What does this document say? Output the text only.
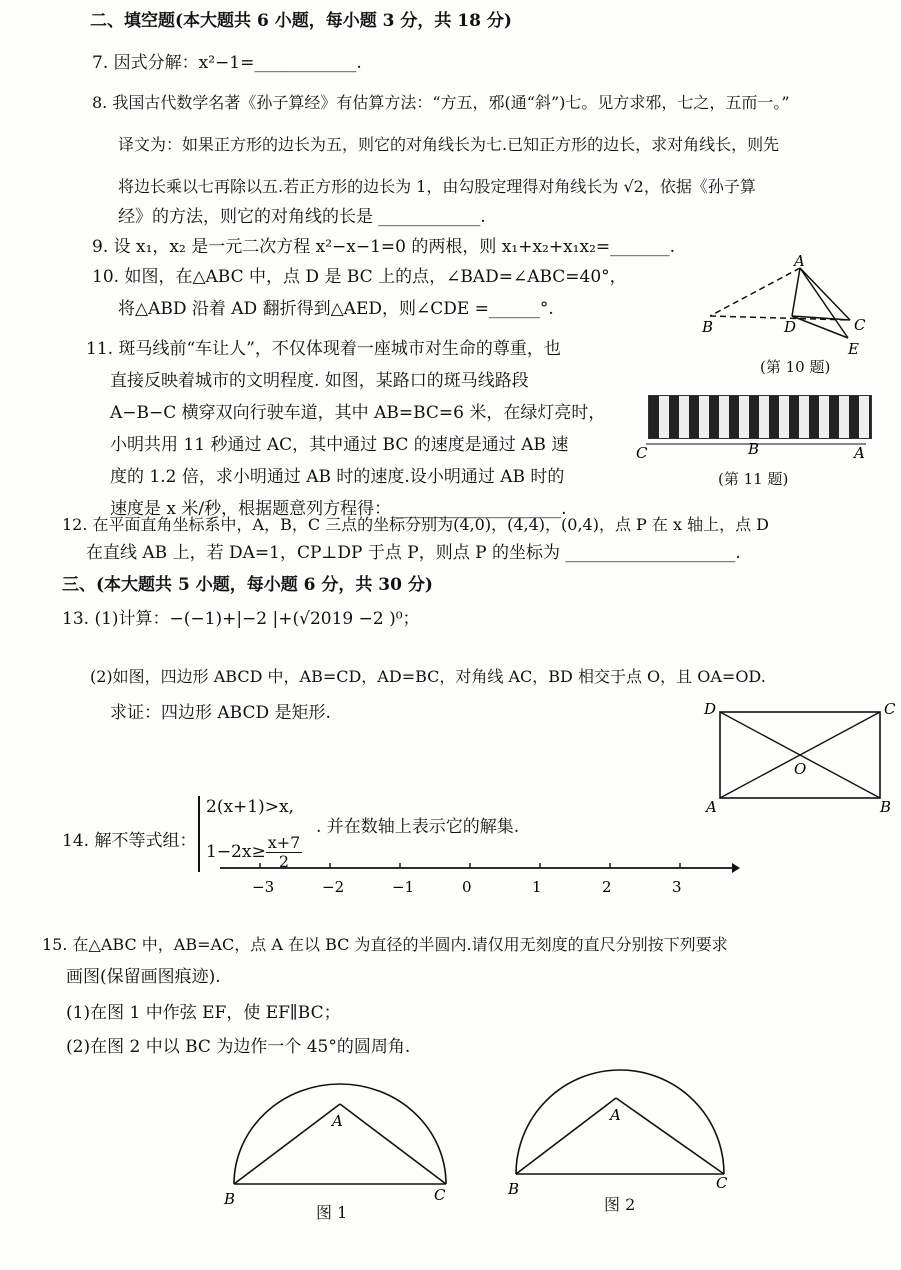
二、填空题(本大题共 6 小题，每小题 3 分，共 18 分)
7. 因式分解：x²−1=____________.
8. 我国古代数学名著《孙子算经》有估算方法：“方五，邪(通“斜”)七。见方求邪，七之，五而一。”
译文为：如果正方形的边长为五，则它的对角线长为七.已知正方形的边长，求对角线长，则先
将边长乘以七再除以五.若正方形的边长为 1，由勾股定理得对角线长为 √2，依据《孙子算
经》的方法，则它的对角线的长是 ____________.
9. 设 x₁，x₂ 是一元二次方程 x²−x−1=0 的两根，则 x₁+x₂+x₁x₂=_______.
10. 如图，在△ABC 中，点 D 是 BC 上的点，∠BAD=∠ABC=40°，
将△ABD 沿着 AD 翻折得到△AED，则∠CDE =______°.
A
B	D	C
E
(第 10 题)
11. 斑马线前“车让人”，不仅体现着一座城市对生命的尊重，也
直接反映着城市的文明程度. 如图，某路口的斑马线路段
A−B−C 横穿双向行驶车道，其中 AB=BC=6 米，在绿灯亮时，
小明共用 11 秒通过 AC，其中通过 BC 的速度是通过 AB 速
度的 1.2 倍，求小明通过 AB 时的速度.设小明通过 AB 时的
速度是 x 米/秒，根据题意列方程得：____________________.
C	B	A
(第 11 题)
12. 在平面直角坐标系中，A，B，C 三点的坐标分别为(4,0)，(4,4)，(0,4)，点 P 在 x 轴上，点 D
在直线 AB 上，若 DA=1，CP⊥DP 于点 P，则点 P 的坐标为 ____________________.
三、(本大题共 5 小题，每小题 6 分，共 30 分)
13. (1)计算：−(−1)+|−2 |+(√2019 −2 )⁰；
(2)如图，四边形 ABCD 中，AB=CD，AD=BC，对角线 AC，BD 相交于点 O，且 OA=OD.
求证：四边形 ABCD 是矩形.	D	C
O
A	B
14. 解不等式组：
2(x+1)>x,
$1-2x\ge \frac{x+7}{2}$
. 并在数轴上表示它的解集.
−3	−2	−1	0	1	2	3
15. 在△ABC 中，AB=AC，点 A 在以 BC 为直径的半圆内.请仅用无刻度的直尺分别按下列要求
画图(保留画图痕迹).
(1)在图 1 中作弦 EF，使 EF∥BC；
(2)在图 2 中以 BC 为边作一个 45°的圆周角.
A
B	C
图 1
A
B	C
图 2
